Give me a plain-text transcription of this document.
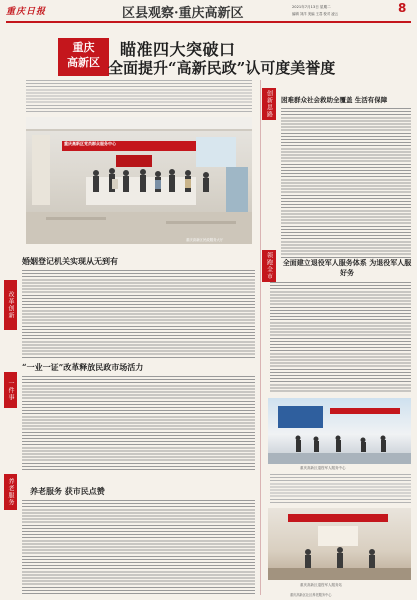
重庆日报	区县观察·重庆高新区	2021年7月13日 星期二
编辑 刘洋 美编 王荔 校对 凌云	8
重庆
高新区
瞄准四大突破口
全面提升“高新民政”认可度美誉度
重庆高新区党员群众服务中心
重庆高新区民政服务大厅
创新思路	困难群众社会救助全覆盖 生活有保障
领跑全市	全面建立退役军人服务体系 为退役军人服好务
重庆高新区退役军人服务中心
重庆高新区退役军人服务站
改革创新
婚姻登记机关实现从无到有
一件事
“一业一证”改革释放民政市场活力
养老服务	养老服务 获市民点赞
重庆高新区社区养老服务中心
